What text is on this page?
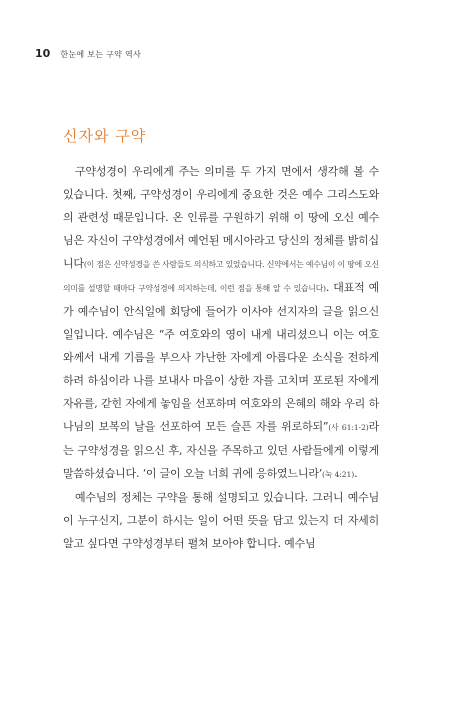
10 한눈에 보는 구약 역사
신자와 구약

구약성경이 우리에게 주는 의미를 두 가지 면에서 생각해 볼 수 있습니다. 첫째, 구약성경이 우리에게 중요한 것은 예수 그리스도와의 관련성 때문입니다. 온 인류를 구원하기 위해 이 땅에 오신 예수님은 자신이 구약성경에서 예언된 메시아라고 당신의 정체를 밝히십니다(이 점은 신약성경을 쓴 사람들도 의식하고 있었습니다. 신약에서는 예수님이 이 땅에 오신 의미를 설명할 때마다 구약성경에 의지하는데, 이런 점을 통해 알 수 있습니다). 대표적 예가 예수님이 안식일에 회당에 들어가 이사야 선지자의 글을 읽으신 일입니다. 예수님은 “주 여호와의 영이 내게 내리셨으니 이는 여호와께서 내게 기름을 부으사 가난한 자에게 아름다운 소식을 전하게 하려 하심이라 나를 보내사 마음이 상한 자를 고치며 포로된 자에게 자유를, 갇힌 자에게 놓임을 선포하며 여호와의 은혜의 해와 우리 하나님의 보복의 날을 선포하여 모든 슬픈 자를 위로하되”(사 61:1-2)라는 구약성경을 읽으신 후, 자신을 주목하고 있던 사람들에게 이렇게 말씀하셨습니다. ‘이 글이 오늘 너희 귀에 응하였느니라’(눅 4:21).

예수님의 정체는 구약을 통해 설명되고 있습니다. 그러니 예수님이 누구신지, 그분이 하시는 일이 어떤 뜻을 담고 있는지 더 자세히 알고 싶다면 구약성경부터 펼쳐 보아야 합니다. 예수님
